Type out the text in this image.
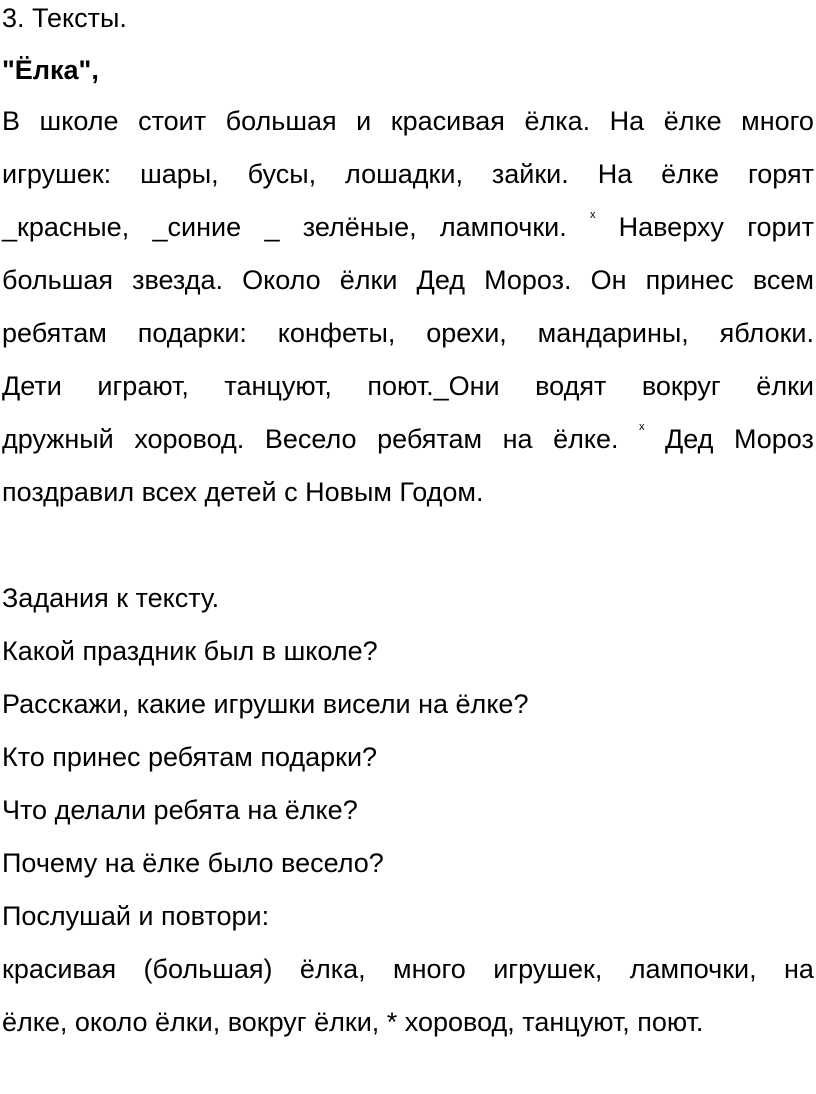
3. Тексты.
"Ёлка",
В школе стоит большая и красивая ёлка. На ёлке много
игрушек: шары, бусы, лошадки, зайки. На ёлке горят
_красные, _синие _ зелёные, лампочки. ˣ Наверху горит
большая звезда. Около ёлки Дед Мороз. Он принес всем
ребятам подарки: конфеты, орехи, мандарины, яблоки.
Дети играют, танцуют, поют._Они водят вокруг ёлки
дружный хоровод. Весело ребятам на ёлке. ˣ Дед Мороз
поздравил всех детей с Новым Годом.
Задания к тексту.
Какой праздник был в школе?
Расскажи, какие игрушки висели на ёлке?
Кто принес ребятам подарки?
Что делали ребята на ёлке?
Почему на ёлке было весело?
Послушай и повтори:
красивая (большая) ёлка, много игрушек, лампочки, на
ёлке, около ёлки, вокруг ёлки, * хоровод, танцуют, поют.
